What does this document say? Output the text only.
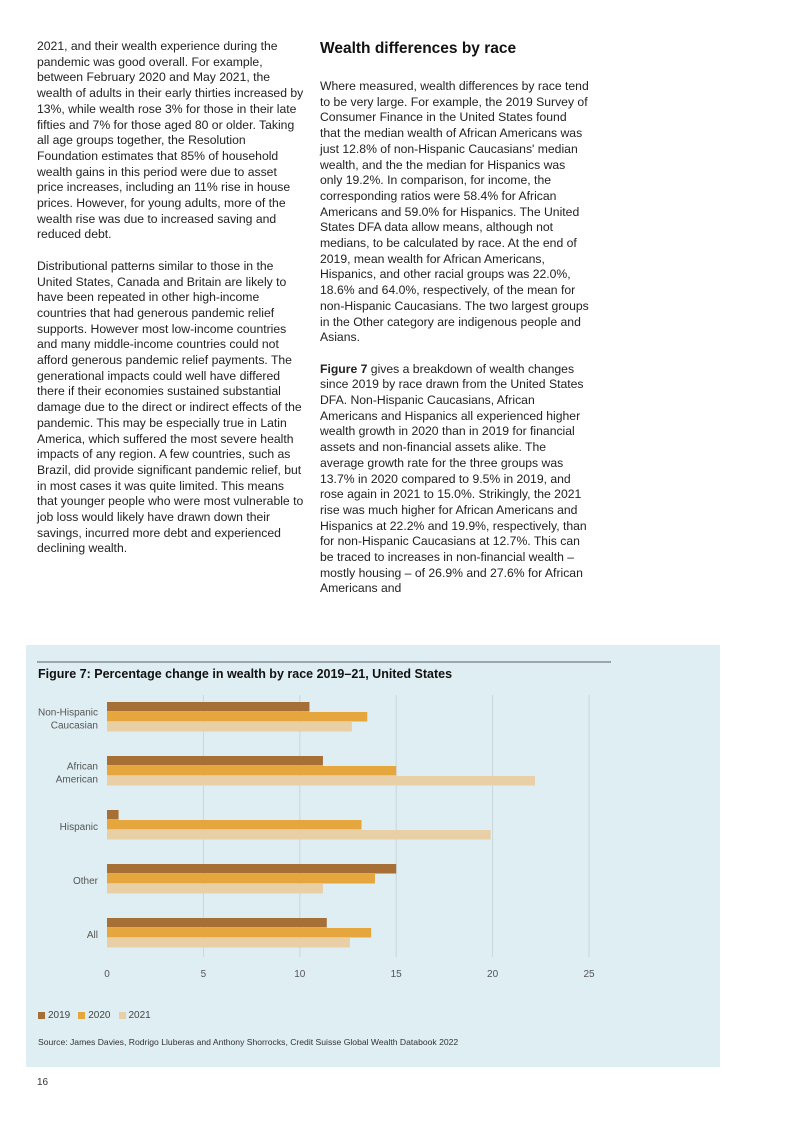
2021, and their wealth experience during the pandemic was good overall. For example, between February 2020 and May 2021, the wealth of adults in their early thirties increased by 13%, while wealth rose 3% for those in their late fifties and 7% for those aged 80 or older. Taking all age groups together, the Resolution Foundation estimates that 85% of household wealth gains in this period were due to asset price increases, including an 11% rise in house prices. However, for young adults, more of the wealth rise was due to increased saving and reduced debt.

Distributional patterns similar to those in the United States, Canada and Britain are likely to have been repeated in other high-income countries that had generous pandemic relief supports. However most low-income countries and many middle-income countries could not afford generous pandemic relief payments. The generational impacts could well have differed there if their economies sustained substantial damage due to the direct or indirect effects of the pandemic. This may be especially true in Latin America, which suffered the most severe health impacts of any region. A few countries, such as Brazil, did provide significant pandemic relief, but in most cases it was quite limited. This means that younger people who were most vulnerable to job loss would likely have drawn down their savings, incurred more debt and experienced declining wealth.

Wealth differences by race

Where measured, wealth differences by race tend to be very large. For example, the 2019 Survey of Consumer Finance in the United States found that the median wealth of African Americans was just 12.8% of non-Hispanic Caucasians' median wealth, and the the median for Hispanics was only 19.2%. In comparison, for income, the corresponding ratios were 58.4% for African Americans and 59.0% for Hispanics. The United States DFA data allow means, although not medians, to be calculated by race. At the end of 2019, mean wealth for African Americans, Hispanics, and other racial groups was 22.0%, 18.6% and 64.0%, respectively, of the mean for non-Hispanic Caucasians. The two largest groups in the Other category are indigenous people and Asians.

Figure 7 gives a breakdown of wealth changes since 2019 by race drawn from the United States DFA. Non-Hispanic Caucasians, African Americans and Hispanics all experienced higher wealth growth in 2020 than in 2019 for financial assets and non-financial assets alike. The average growth rate for the three groups was 13.7% in 2020 compared to 9.5% in 2019, and rose again in 2021 to 15.0%. Strikingly, the 2021 rise was much higher for African Americans and Hispanics at 22.2% and 19.9%, respectively, than for non-Hispanic Caucasians at 12.7%. This can be traced to increases in non-financial wealth – mostly housing – of 26.9% and 27.6% for African Americans and

Figure 7: Percentage change in wealth by race 2019–21, United States
0	5	10	15	20	25
Non-Hispanic
Caucasian
African
American
Hispanic
Other
All
2019 2020 2021
Source: James Davies, Rodrigo Lluberas and Anthony Shorrocks, Credit Suisse Global Wealth Databook 2022
16
